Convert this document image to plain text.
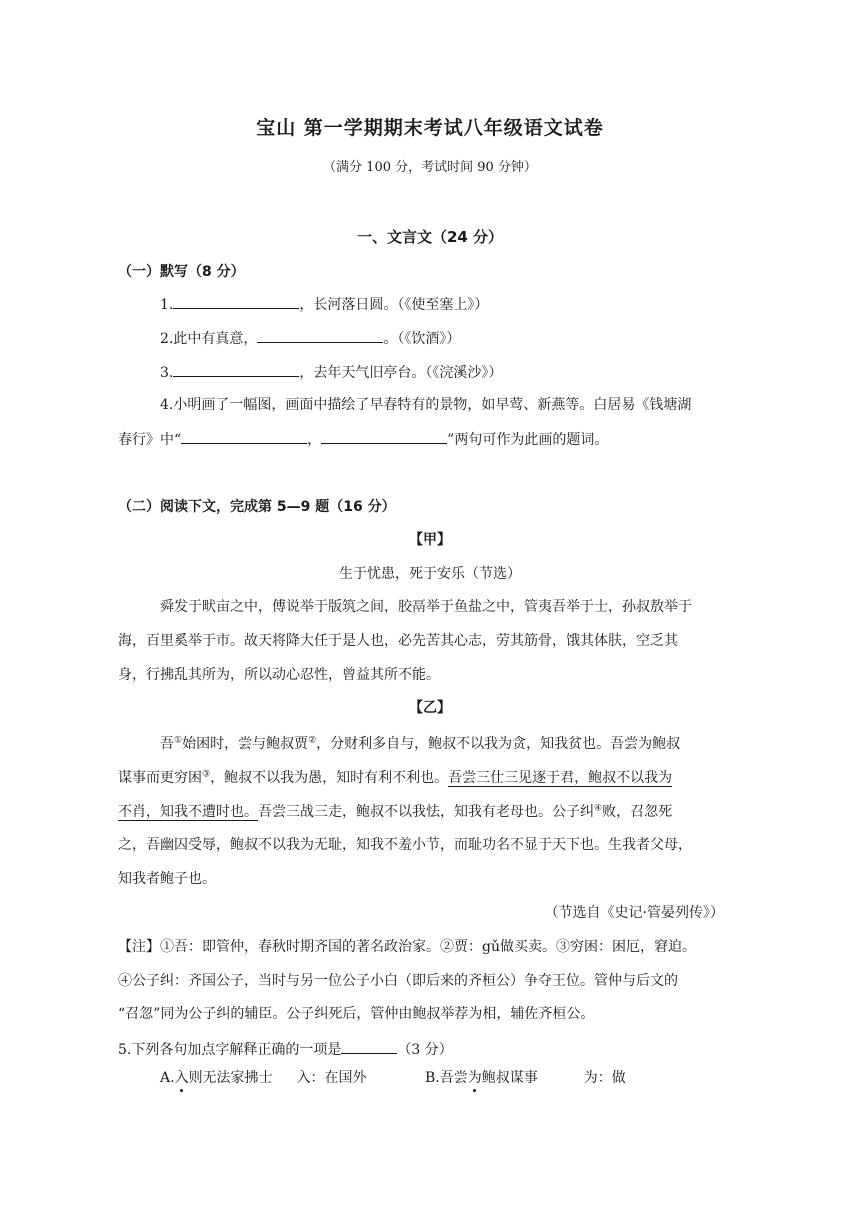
宝山 第一学期期末考试八年级语文试卷
（满分 100 分，考试时间 90 分钟）
一、文言文（24 分）
（一）默写（8 分）
1.	，长河落日圆。（《使至塞上》）
2.此中有真意，	。（《饮酒》）
3.	，去年天气旧亭台。（《浣溪沙》）
4.小明画了一幅图，画面中描绘了早春特有的景物，如早莺、新燕等。白居易《钱塘湖
春行》中“	，	”两句可作为此画的题词。
（二）阅读下文，完成第 5—9 题（16 分）
【甲】
生于忧患，死于安乐（节选）
舜发于畎亩之中，傅说举于版筑之间，胶鬲举于鱼盐之中，管夷吾举于士，孙叔敖举于
海，百里奚举于市。故天将降大任于是人也，必先苦其心志，劳其筋骨，饿其体肤，空乏其
身，行拂乱其所为，所以动心忍性，曾益其所不能。
【乙】
吾①始困时，尝与鲍叔贾②，分财利多自与，鲍叔不以我为贪，知我贫也。吾尝为鲍叔
谋事而更穷困③，鲍叔不以我为愚，知时有利不利也。吾尝三仕三见逐于君，鲍叔不以我为
不肖，知我不遭时也。吾尝三战三走，鲍叔不以我怯，知我有老母也。公子纠④败，召忽死
之，吾幽囚受辱，鲍叔不以我为无耻，知我不羞小节，而耻功名不显于天下也。生我者父母，
知我者鲍子也。
（节选自《史记·管晏列传》）
【注】①吾：即管仲，春秋时期齐国的著名政治家。②贾：gǔ做买卖。③穷困：困厄，窘迫。
④公子纠：齐国公子，当时与另一位公子小白（即后来的齐桓公）争夺王位。管仲与后文的
“召忽”同为公子纠的辅臣。公子纠死后，管仲由鲍叔举荐为相，辅佐齐桓公。
5.下列各句加点字解释正确的一项是	（3 分）
A.入则无法家拂士 入：在国外	B.吾尝为鲍叔谋事	为：做
